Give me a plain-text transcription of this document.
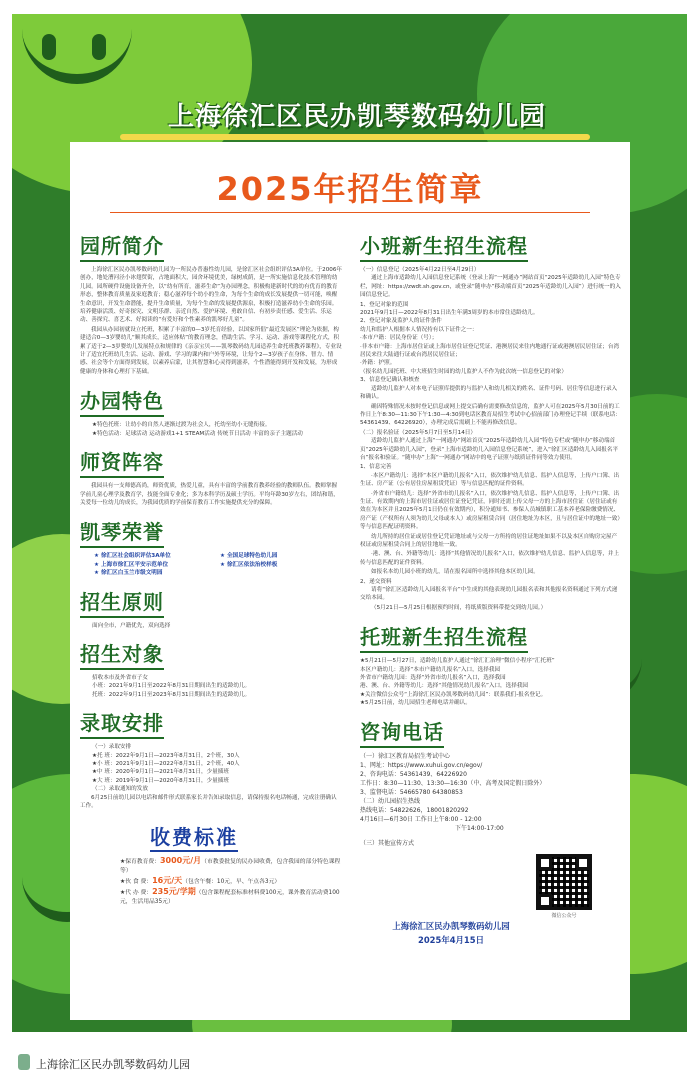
上海徐汇区民办凯琴数码幼儿园
2025年招生简章
园所简介

上海徐汇区民办凯琴数码幼儿园为一所民办普惠性幼儿园，是徐汇区社会组织评估3A单位。于2006年创办，地处漕河泾小冰翅贸街，占地面积大，园舍环境优美，绿树成荫，是一所实施信息化技术管理的幼儿园。园所硬件设施设备齐全，以“幼有所育，滋养生命”为办园理念，积极构建新时代的幼有优育的教育形态，整体教育质量及家庭教育；稳心滋养每个幼小的生命，为每个生命的成长发展提供一切可能，唤醒生命意识，开发生命潜能，提升生命质量，为每个生命的发展提供源泉，积极打造滋养幼小生命的乐园。培养健康活泼、好奇探究、文明乐群、亲近自然、爱护环境、勇敢自信、有初步责任感、爱生活、乐运动、善探究、喜艺术、好阅读的“有爱好和个性素养的凯琴好儿童”。

我园从办园初就设立托班，积累了丰富的0—3岁托育经验，以国家所倡“最近发展区”理论为依据，构建适合0—3岁婴幼儿“顺其成长，适应体贴”的教育理念，借助生活、学习、运动、游戏等课程化方式，积累了适于2—3岁婴幼儿发展特点和规律的《亲亲宝贝——凯琴数码幼儿园适养生命托班教养课程》，专业设计了适宜托班幼儿生活、运动、游戏、学习的课内和户外等环境，让每个2—3岁孩子在身体、智力、情感、社会等个方面得到发展，以素养启蒙，让其智慧和心灵得到滋养，个性潜能得到开发和发展，为形成健康的身体和心理打下基础。

办园特色
★特色托班：让幼小的自然人逐渐过渡为社会人，托幼至幼小无缝衔接。
★特色活动：足球活动 运动游戏1+1 STEAM活动 传统节日活动 丰富的亲子主题活动
师资阵容

我园具有一支师德高尚，师资优质，热爱儿童，具有丰富的学前教育教养经验的教师队伍。教师掌握学前儿童心理学及教育学，技能全面专业化；多为本科学历及硕士学历。平均年龄30岁左右，团结和谐，关爱每一位幼儿的成长，为我园优质的学前保育教育工作实施提供充分的保障。

凯琴荣誉
★ 徐汇区社会组织评估3A单位	★ 全国足球特色幼儿园
★ 上海市徐汇区平安示范单位	★ 徐汇区依法治校样板
★ 徐汇区白玉兰市级文明园
招生原则
面向全市，户籍优先，双向选择
招生对象
招收本市及外省市子女
小班：2021年9月1日至2022年8月31日期间出生的适龄幼儿。
托班：2022年9月1日至2023年8月31日期间出生的适龄幼儿。
录取安排
（一）录取安排
★托 班：2022年9月1日—2023年8月31日，2个班，30人
★小 班：2021年9月1日—2022年8月31日，2个班，40人
★中 班：2020年9月1日—2021年8月31日，少量插班
★大 班：2019年9月1日—2020年8月31日，少量插班
（二）录取通知的发放

6月25日前幼儿园以电话和邮件形式联系家长并告知录取信息，请保持报名电话畅通，完成注册确认工作。

收费标准
★保育教育费：3000元/月（市教委批复的民办园收费，包含我园的部分特色课程等）
★伙 食 费：16元/天（包含午餐：10元，早、午点各3元）
★代 办 费：235元/学期（包含课程配套标准材料费100元，课外教育活动费100元，生活用品35元）
小班新生招生流程
（一）信息登记（2025年4月22日至4月29日）

通过上海市适龄幼儿入园信息登记系统（登录上海“一网通办”网站首页“2025年适龄幼儿入园”特色专栏，网址：https://zwdt.sh.gov.cn，或登录“随申办”移动端首页“2025年适龄幼儿入园”）进行统一的入园信息登记。

1、登记对象的范围
2021年9月1日—2022年8月31日出生年满3周岁的本市常住适龄幼儿。
2、登记对象及监护人的证件条件
幼儿和监护人根据本人情况持有以下证件之一：
·本市户籍：居民身份证（号）；
·非本市户籍：上海市居住证或上海市居住证登记凭证、港澳居民来往内地通行证或港澳居民居住证；台湾居民来往大陆通行证或台湾居民居住证；
·外籍：护照。
（报名幼儿园托班、中大班招生时园的幼儿监护人不作为此次统一信息登记的对象）
3、信息登记确认和核查

适龄幼儿监护人对本电子证照库提供的与监护人和幼儿相关的姓名、证件号码、居住等信息进行录入和确认。

确因特殊情况未按时登记信息或网上提交后确有需要修改信息的，监护人可在2025年5月30日前的工作日上午8:30—11:30下午1:30—4:30到电话区教育局招生考试中心招前部门办理登记手续（联系电话：54361439、64226920），办理完成后需刷上不能再修改信息。

（二）报名验证（2025年5月7日至5月14日）

适龄幼儿监护人通过上海“一网通办”网站首页“2025年适龄幼儿入园”特色专栏或“随申办”移动端首页“2025年适龄幼儿入园”，登录“上海市适龄幼儿入园信息登记系统”，进入“徐汇区适龄幼儿入园报名平台”报名和验证。“随申办”上海“一网通办”网站中的电子证照与纸质证件同等效力使用。

1、信息完善

·本区户籍幼儿：选择“本区户籍幼儿报名”入口，依次维护幼儿信息、监护人信息等，上传户口簿、出生证、房产证（公有居住房屋租赁凭证）等与信息匹配的证件资料。

·外省市户籍幼儿：选择“外省市幼儿报名”入口，依次维护幼儿信息、监护人信息等，上传户口簿、出生证、有效期内的上海市居住证或居住证登记凭证，同时还需上传父母一方的上海市居住证（居住证或有效在为本区并且2025年5月1日仍在有效期内），积分通知书、参保人员城镇职工基本养老保险缴费情况、房产证（产权所有人须为幼儿父母或本人）或房屋租赁合同（居住地址为本区，且与居住证中的地址一致）等与信息匹配证明资料。

幼儿所持的居住证或居住登记凭证地址或与父母一方所持的居住证地址如果不以及本区自购房完屋产权证或房屋租赁合同上的居住地址一致。

·港、澳、台、外籍等幼儿：选择“其他情况幼儿报名”入口，依次维护幼儿信息、监护人信息等，并上传与信息匹配的证件资料。

如报名本幼儿园小班的幼儿，请在报名园所中选择其他本区幼儿园。

2、递交资料

请将“徐汇区适龄幼儿入园报名平台”中生成的其他表现幼儿园报名表和其他报名资料通过下列方式递交给本园。

（5月21日—5月25日根据预约时间，将纸质版资料带提交到幼儿园。）

托班新生招生流程
★5月21日—5月27日，适龄幼儿监护人通过“徐汇汇治理”微信小程序“汇托班”
本区户籍幼儿：选择“本市户籍幼儿报名”入口，选择我园
外省市户籍幼儿园：选择“外省市幼儿报名”入口，选择我园
港、澳、台、外籍等幼儿：选择“其他情况幼儿报名”入口，选择我园
★关注微信公众号“上海徐汇区民办凯琴数码幼儿园”：联系我们-报名登记。
★5月25日前，幼儿园招生老师电话并确认。
咨询电话
（一）徐汇区教育局招生考试中心
1、网址：https://www.xuhui.gov.cn/egov/
2、咨询电话：54361439、64226920
工作日：8:30—11:30、13:30—16:30（中、高考及国定假日除外）
3、监督电话：54665780 64380853
（二）幼儿园招生热线
热线电话：54822626，18001820292
4月16日—6月30日 工作日上午8:00 - 12:00
下午14:00-17:00
（三）其他宣传方式
微信公众号
上海徐汇区民办凯琴数码幼儿园
2025年4月15日
上海徐汇区民办凯琴数码幼儿园
